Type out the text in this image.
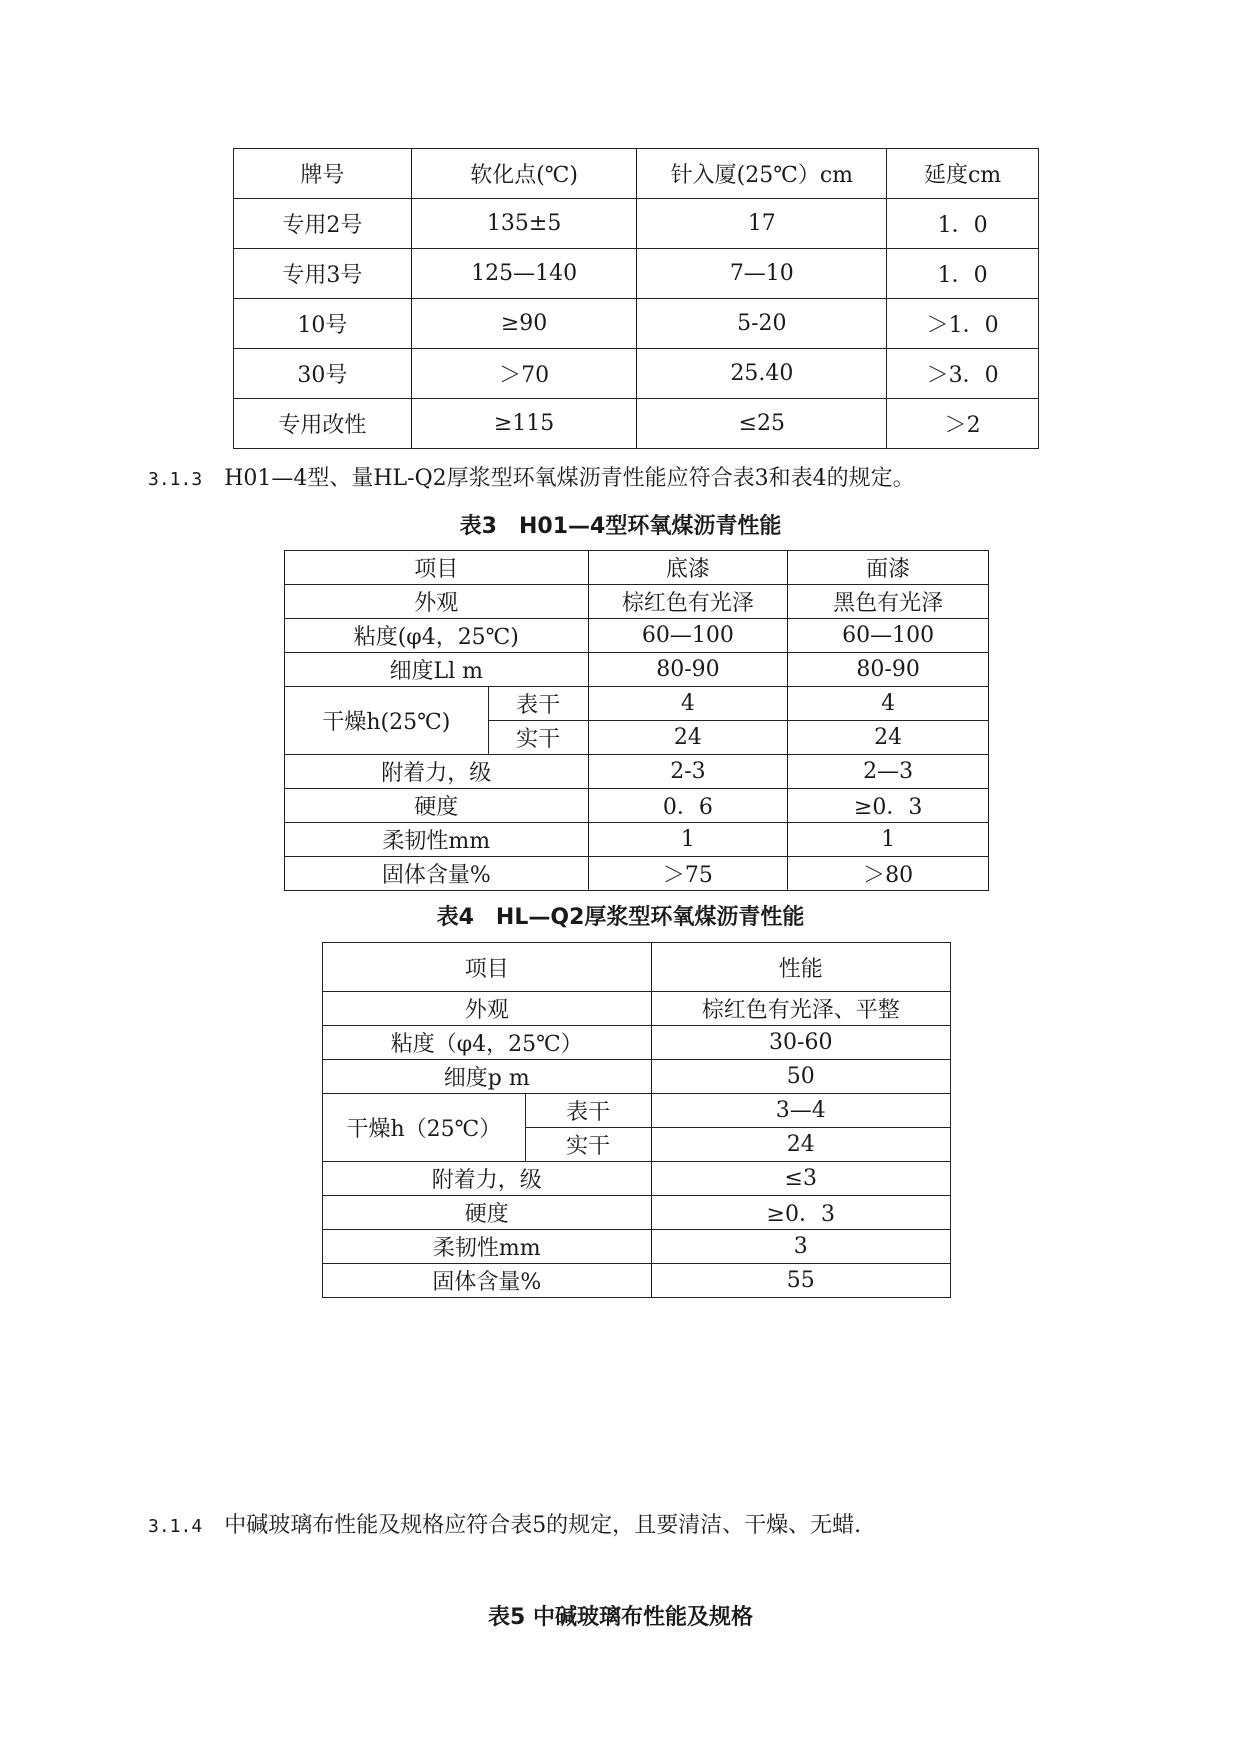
牌号	软化点(℃)	针入厦(25℃）cm	延度cm
专用2号	135±5	17	1．0
专用3号	125—140	7—10	1．0
10号	≥90	5-20	＞1．0
30号	＞70	25.40	＞3．0
专用改性	≥115	≤25	＞2
3.1.3 H01—4型、量HL-Q2厚浆型环氧煤沥青性能应符合表3和表4的规定。
表3　H01—4型环氧煤沥青性能
项目		底漆	面漆
外观		棕红色有光泽	黑色有光泽
粘度(φ4，25℃)		60—100	60—100
细度Ll m		80-90	80-90
干燥h(25℃)	表干	4	4
	实干	24	24
附着力，级		2-3	2—3
硬度		0．6	≥0．3
柔韧性mm		1	1
固体含量%		＞75	＞80
表4　HL—Q2厚浆型环氧煤沥青性能
项目		性能
外观		棕红色有光泽、平整
粘度（φ4，25℃）		30-60
细度p m		50
干燥h（25℃）	表干	3—4
	实干	24
附着力，级		≤3
硬度		≥0．3
柔韧性mm		3
固体含量%		55
3.1.4 中碱玻璃布性能及规格应符合表5的规定，且要清洁、干燥、无蜡.
表5 中碱玻璃布性能及规格
